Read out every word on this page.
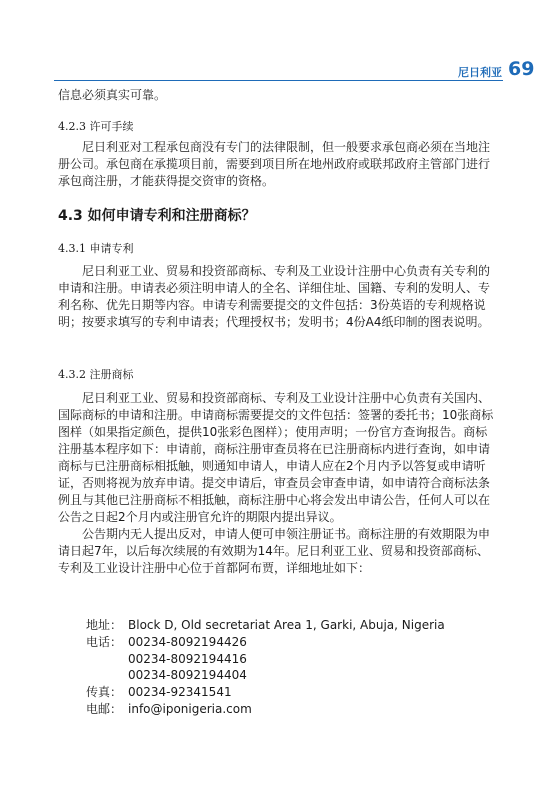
尼日利亚 69

信息必须真实可靠。

4.2.3 许可手续

尼日利亚对工程承包商没有专门的法律限制，但一般要求承包商必须在当地注册公司。承包商在承揽项目前，需要到项目所在地州政府或联邦政府主管部门进行承包商注册，才能获得提交资审的资格。

4.3 如何申请专利和注册商标？
4.3.1 申请专利

尼日利亚工业、贸易和投资部商标、专利及工业设计注册中心负责有关专利的申请和注册。申请表必须注明申请人的全名、详细住址、国籍、专利的发明人、专利名称、优先日期等内容。申请专利需要提交的文件包括：3份英语的专利规格说明；按要求填写的专利申请表；代理授权书；发明书；4份A4纸印制的图表说明。

4.3.2 注册商标

尼日利亚工业、贸易和投资部商标、专利及工业设计注册中心负责有关国内、国际商标的申请和注册。申请商标需要提交的文件包括：签署的委托书；10张商标图样（如果指定颜色，提供10张彩色图样）；使用声明；一份官方查询报告。商标注册基本程序如下：申请前，商标注册审查员将在已注册商标内进行查询，如申请商标与已注册商标相抵触，则通知申请人，申请人应在2个月内予以答复或申请听证，否则将视为放弃申请。提交申请后，审查员会审查申请，如申请符合商标法条例且与其他已注册商标不相抵触，商标注册中心将会发出申请公告，任何人可以在公告之日起2个月内或注册官允许的期限内提出异议。

公告期内无人提出反对，申请人便可申领注册证书。商标注册的有效期限为申请日起7年，以后每次续展的有效期为14年。尼日利亚工业、贸易和投资部商标、专利及工业设计注册中心位于首都阿布贾，详细地址如下：

地址： Block D, Old secretariat Area 1, Garki, Abuja, Nigeria
电话： 00234-8092194426
00234-8092194416
00234-8092194404
传真： 00234-92341541
电邮： info@iponigeria.com
